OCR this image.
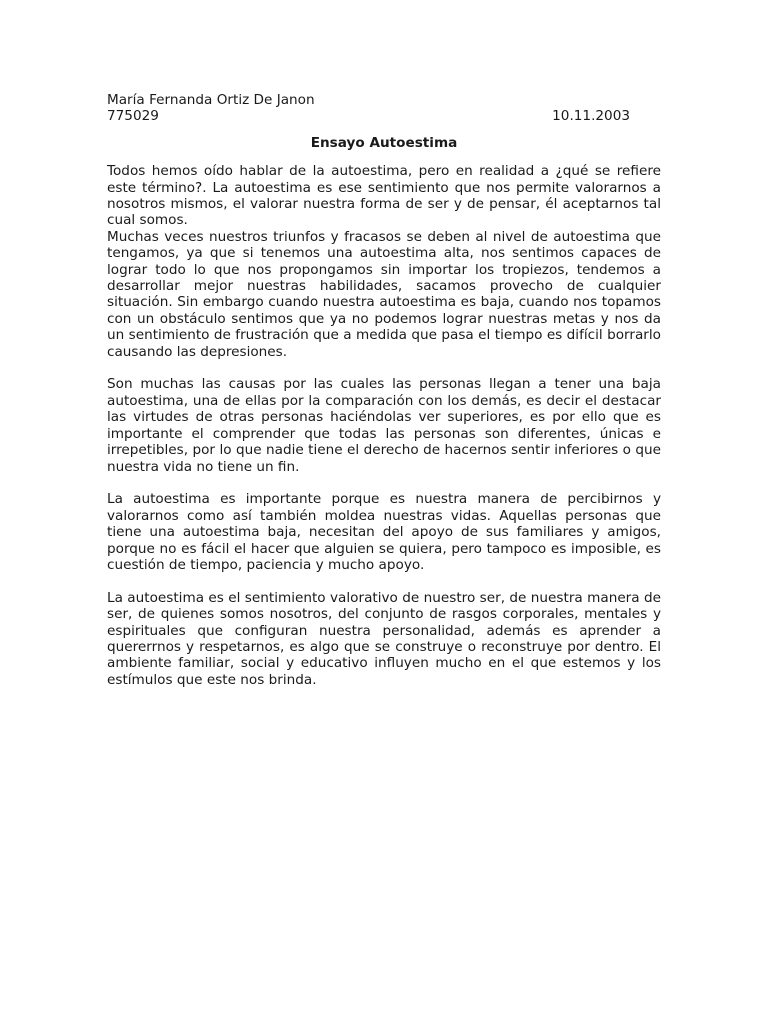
María Fernanda Ortiz De Janon
775029	10.11.2003
Ensayo Autoestima

Todos hemos oído hablar de la autoestima, pero en realidad a ¿qué se refiere este término?. La autoestima es ese sentimiento que nos permite valorarnos a nosotros mismos, el valorar nuestra forma de ser y de pensar, él aceptarnos tal cual somos.

Muchas veces nuestros triunfos y fracasos se deben al nivel de autoestima que tengamos, ya que si tenemos una autoestima alta, nos sentimos capaces de lograr todo lo que nos propongamos sin importar los tropiezos, tendemos a desarrollar mejor nuestras habilidades, sacamos provecho de cualquier situación. Sin embargo cuando nuestra autoestima es baja, cuando nos topamos con un obstáculo sentimos que ya no podemos lograr nuestras metas y nos da un sentimiento de frustración que a medida que pasa el tiempo es difícil borrarlo causando las depresiones.

Son muchas las causas por las cuales las personas llegan a tener una baja autoestima, una de ellas por la comparación con los demás, es decir el destacar las virtudes de otras personas haciéndolas ver superiores, es por ello que es importante el comprender que todas las personas son diferentes, únicas e irrepetibles, por lo que nadie tiene el derecho de hacernos sentir inferiores o que nuestra vida no tiene un fin.

La autoestima es importante porque es nuestra manera de percibirnos y valorarnos como así también moldea nuestras vidas. Aquellas personas que tiene una autoestima baja, necesitan del apoyo de sus familiares y amigos, porque no es fácil el hacer que alguien se quiera, pero tampoco es imposible, es cuestión de tiempo, paciencia y mucho apoyo.

La autoestima es el sentimiento valorativo de nuestro ser, de nuestra manera de ser, de quienes somos nosotros, del conjunto de rasgos corporales, mentales y espirituales que configuran nuestra personalidad, además es aprender a quererrnos y respetarnos, es algo que se construye o reconstruye por dentro. El ambiente familiar, social y educativo influyen mucho en el que estemos y los estímulos que este nos brinda.
